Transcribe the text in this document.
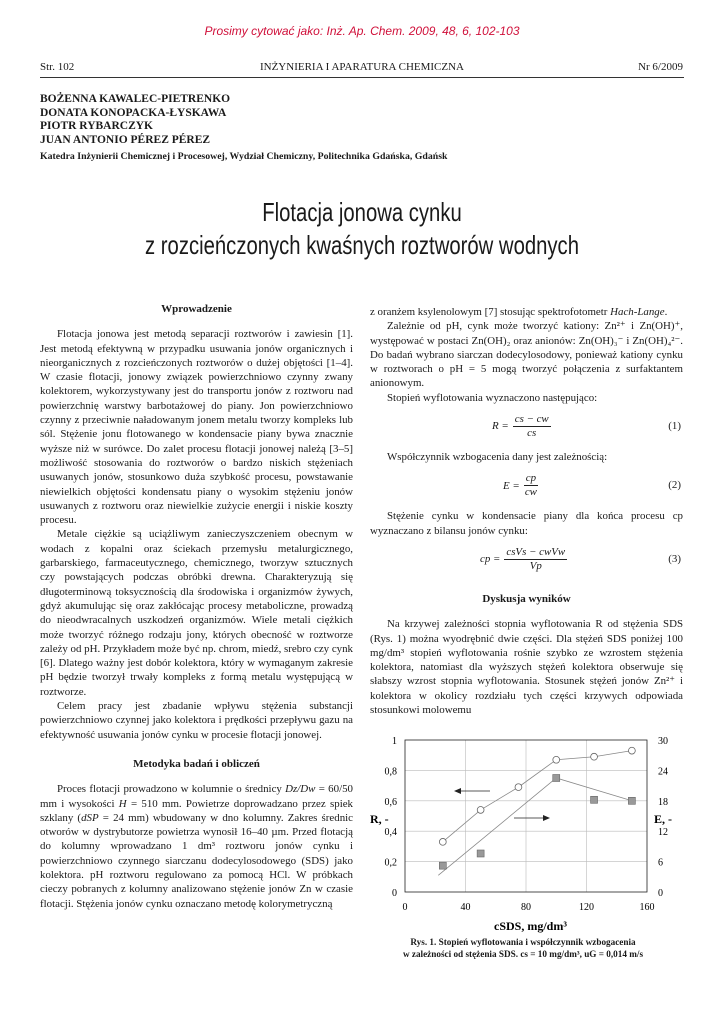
Prosimy cytować jako: Inż. Ap. Chem. 2009, 48, 6, 102-103
Str. 102	INŻYNIERIA I APARATURA CHEMICZNA	Nr 6/2009
BOŻENNA KAWALEC-PIETRENKO
DONATA KONOPACKA-ŁYSKAWA
PIOTR RYBARCZYK
JUAN ANTONIO PÉREZ PÉREZ
Katedra Inżynierii Chemicznej i Procesowej, Wydział Chemiczny, Politechnika Gdańska, Gdańsk
Flotacja jonowa cynku
z rozcieńczonych kwaśnych roztworów wodnych

Wprowadzenie

Flotacja jonowa jest metodą separacji roztworów i zawiesin [1]. Jest metodą efektywną w przypadku usuwania jonów organicznych i nieorganicznych z rozcieńczonych roztworów o dużej objętości [1–4]. W czasie flotacji, jonowy związek powierzchniowo czynny zwany kolektorem, wykorzystywany jest do transportu jonów z roztworu nad powierzchnię warstwy barbotażowej do piany. Jon powierzchniowo czynny z przeciwnie naładowanym jonem metalu tworzy kompleks lub sól. Stężenie jonu flotowanego w kondensacie piany bywa znacznie wyższe niż w surówce. Do zalet procesu flotacji jonowej należą [3–5] możliwość stosowania do roztworów o bardzo niskich stężeniach usuwanych jonów, stosunkowo duża szybkość procesu, powstawanie niewielkich objętości kondensatu piany o wysokim stężeniu jonów usuwanych z roztworu oraz niewielkie zużycie energii i niskie koszty procesu.

Metale ciężkie są uciążliwym zanieczyszczeniem obecnym w wodach z kopalni oraz ściekach przemysłu metalurgicznego, garbarskiego, farmaceutycznego, chemicznego, tworzyw sztucznych czy powstających podczas obróbki drewna. Charakteryzują się długoterminową toksycznością dla środowiska i organizmów żywych, gdyż akumulując się oraz zakłócając procesy metaboliczne, prowadzą do nieodwracalnych uszkodzeń organizmów. Wiele metali ciężkich może tworzyć różnego rodzaju jony, których obecność w roztworze zależy od pH. Przykładem może być np. chrom, miedź, srebro czy cynk [6]. Dlatego ważny jest dobór kolektora, który w wymaganym zakresie pH będzie tworzył trwały kompleks z formą metalu występującą w roztworze.

Celem pracy jest zbadanie wpływu stężenia substancji powierzchniowo czynnej jako kolektora i prędkości przepływu gazu na efektywność usuwania jonów cynku w procesie flotacji jonowej.

Metodyka badań i obliczeń

Proces flotacji prowadzono w kolumnie o średnicy Dz/Dw = 60/50 mm i wysokości H = 510 mm. Powietrze doprowadzano przez spiek szklany (dSP = 24 mm) wbudowany w dno kolumny. Zakres średnic otworów w dystrybutorze powietrza wynosił 16–40 µm. Przed flotacją do kolumny wprowadzano 1 dm³ roztworu jonów cynku i powierzchniowo czynnego siarczanu dodecylosodowego (SDS) jako kolektora. pH roztworu regulowano za pomocą HCl. W próbkach cieczy pobranych z kolumny analizowano stężenie jonów Zn w czasie flotacji. Stężenia jonów cynku oznaczano metodę kolorymetryczną

z oranżem ksylenolowym [7] stosując spektrofotometr Hach-Lange.

Zależnie od pH, cynk może tworzyć kationy: Zn²⁺ i Zn(OH)⁺, występować w postaci Zn(OH)₂ oraz anionów: Zn(OH)₃⁻ i Zn(OH)₄²⁻. Do badań wybrano siarczan dodecylosodowy, ponieważ kationy cynku w roztworach o pH = 5 mogą tworzyć połączenia z surfaktantem anionowym.

Stopień wyflotowania wyznaczono następująco:

$R = \frac{cs - cw}{cs}$	(1)

Współczynnik wzbogacenia dany jest zależnością:

$E = \frac{cp}{cw}$	(2)

Stężenie cynku w kondensacie piany dla końca procesu cp wyznaczano z bilansu jonów cynku:

cp = $\frac{\text{csVs − cwVw}}{Vp}$	(3)

Dyskusja wyników

Na krzywej zależności stopnia wyflotowania R od stężenia SDS (Rys. 1) można wyodrębnić dwie części. Dla stężeń SDS poniżej 100 mg/dm³ stopień wyflotowania rośnie szybko ze wzrostem stężenia kolektora, natomiast dla wyższych stężeń kolektora obserwuje się słabszy wzrost stopnia wyflotowania. Stosunek stężeń jonów Zn²⁺ i kolektora w okolicy rozdziału tych części krzywych odpowiada stosunkowi molowemu

0
0,2
0,4
0,6
0,8
1
0
6
12
18
24
30
0	40	80	120	160
R, -	E, -
cSDS, mg/dm³
Rys. 1. Stopień wyflotowania i współczynnik wzbogacenia
w zależności od stężenia SDS. cs = 10 mg/dm³, uG = 0,014 m/s
